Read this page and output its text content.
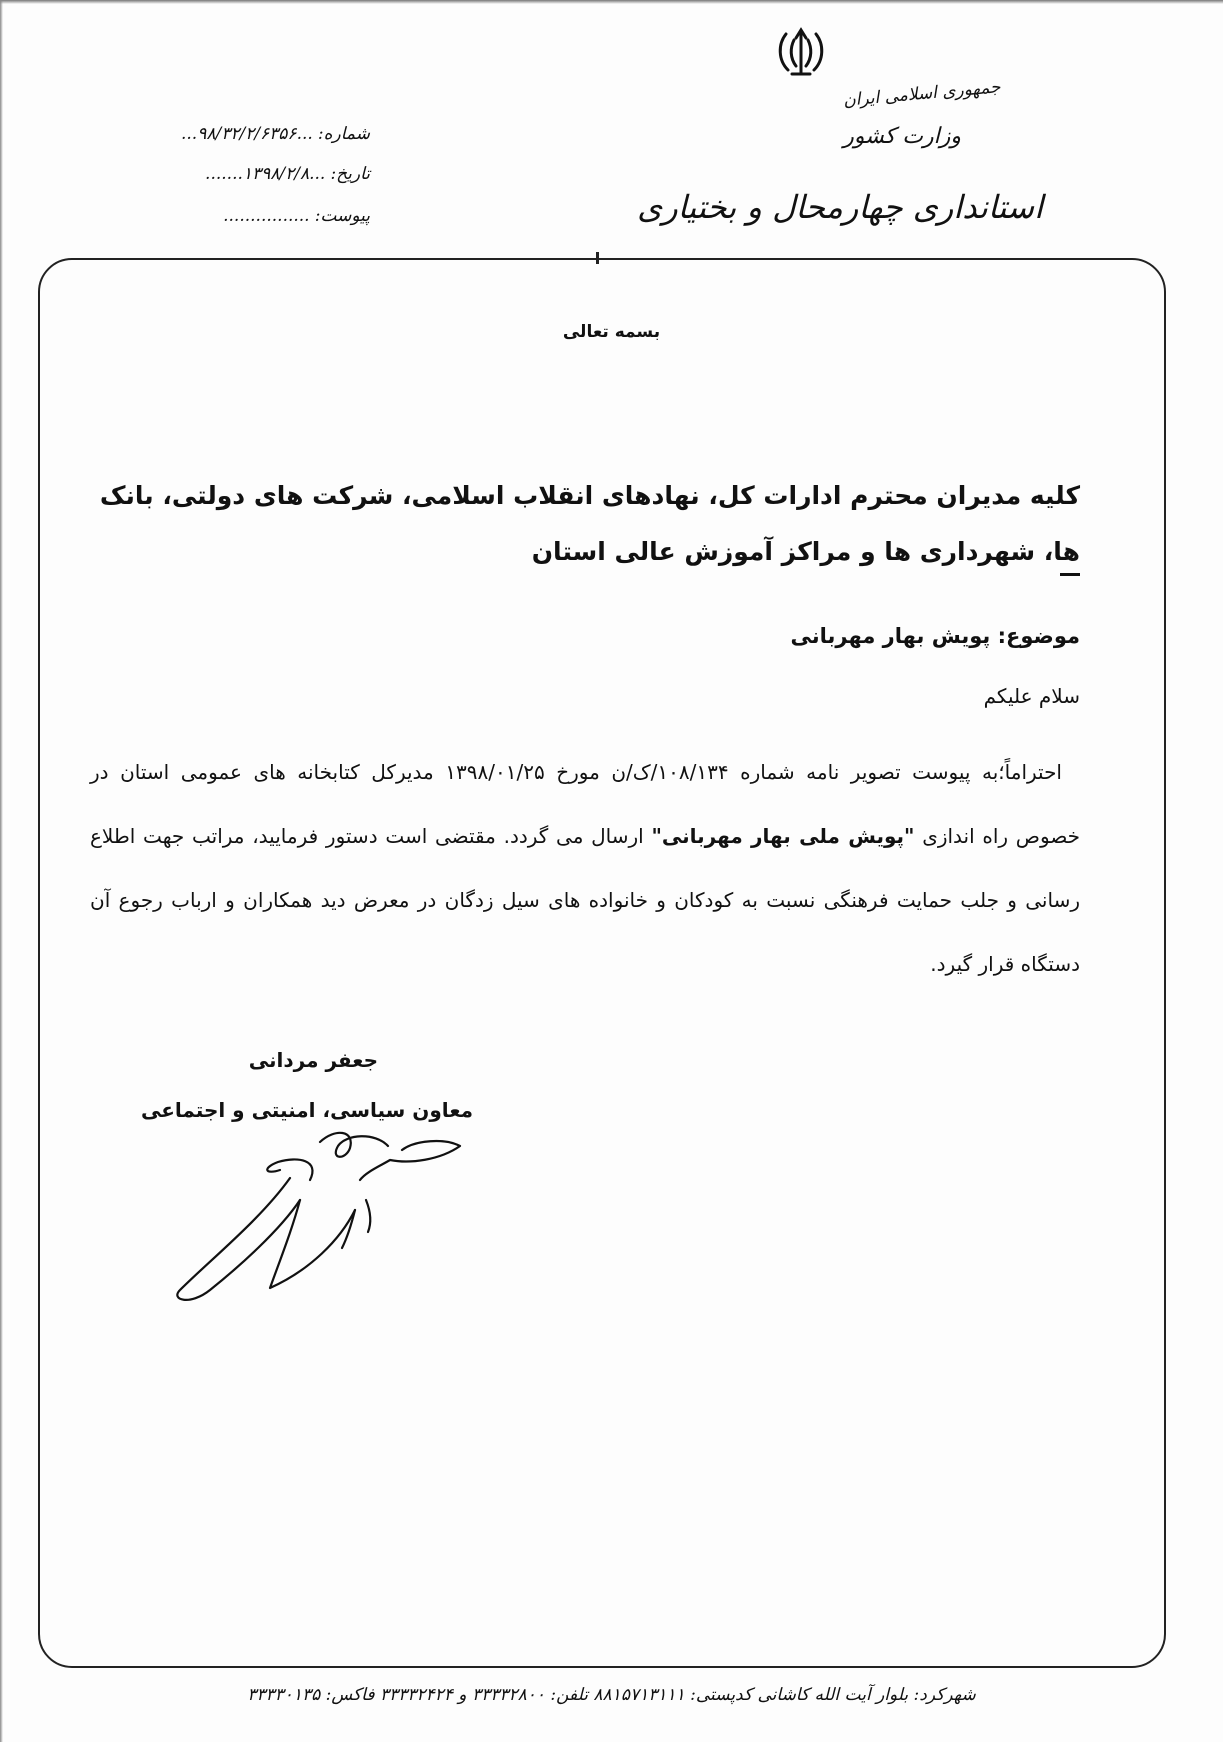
جمهوری اسلامی ایران
وزارت کشور
استانداری چهارمحال و بختیاری
شماره: ...۹۸/۳۲/۲/۶۳۵۶...
تاریخ: ...۱۳۹۸/۲/۸.......
پیوست: ................
بسمه تعالی
کلیه مدیران محترم ادارات کل، نهادهای انقلاب اسلامی، شرکت های دولتی، بانک ها، شهرداری ها و مراکز آموزش عالی استان
موضوع: پویش بهار مهربانی
سلام علیکم
احتراماً؛به پیوست تصویر نامه شماره ۱۰۸/۱۳۴/ک/ن مورخ ۱۳۹۸/۰۱/۲۵ مدیرکل کتابخانه های عمومی استان در خصوص راه اندازی "پویش ملی بهار مهربانی" ارسال می گردد. مقتضی است دستور فرمایید، مراتب جهت اطلاع رسانی و جلب حمایت فرهنگی نسبت به کودکان و خانواده های سیل زدگان در معرض دید همکاران و ارباب رجوع آن دستگاه قرار گیرد.
جعفر مردانی
معاون سیاسی، امنیتی و اجتماعی
شهرکرد: بلوار آیت الله کاشانی کدپستی: ۸۸۱۵۷۱۳۱۱۱ تلفن: ۳۳۳۳۲۸۰۰ و ۳۳۳۳۲۴۲۴ فاکس: ۳۳۳۳۰۱۳۵
